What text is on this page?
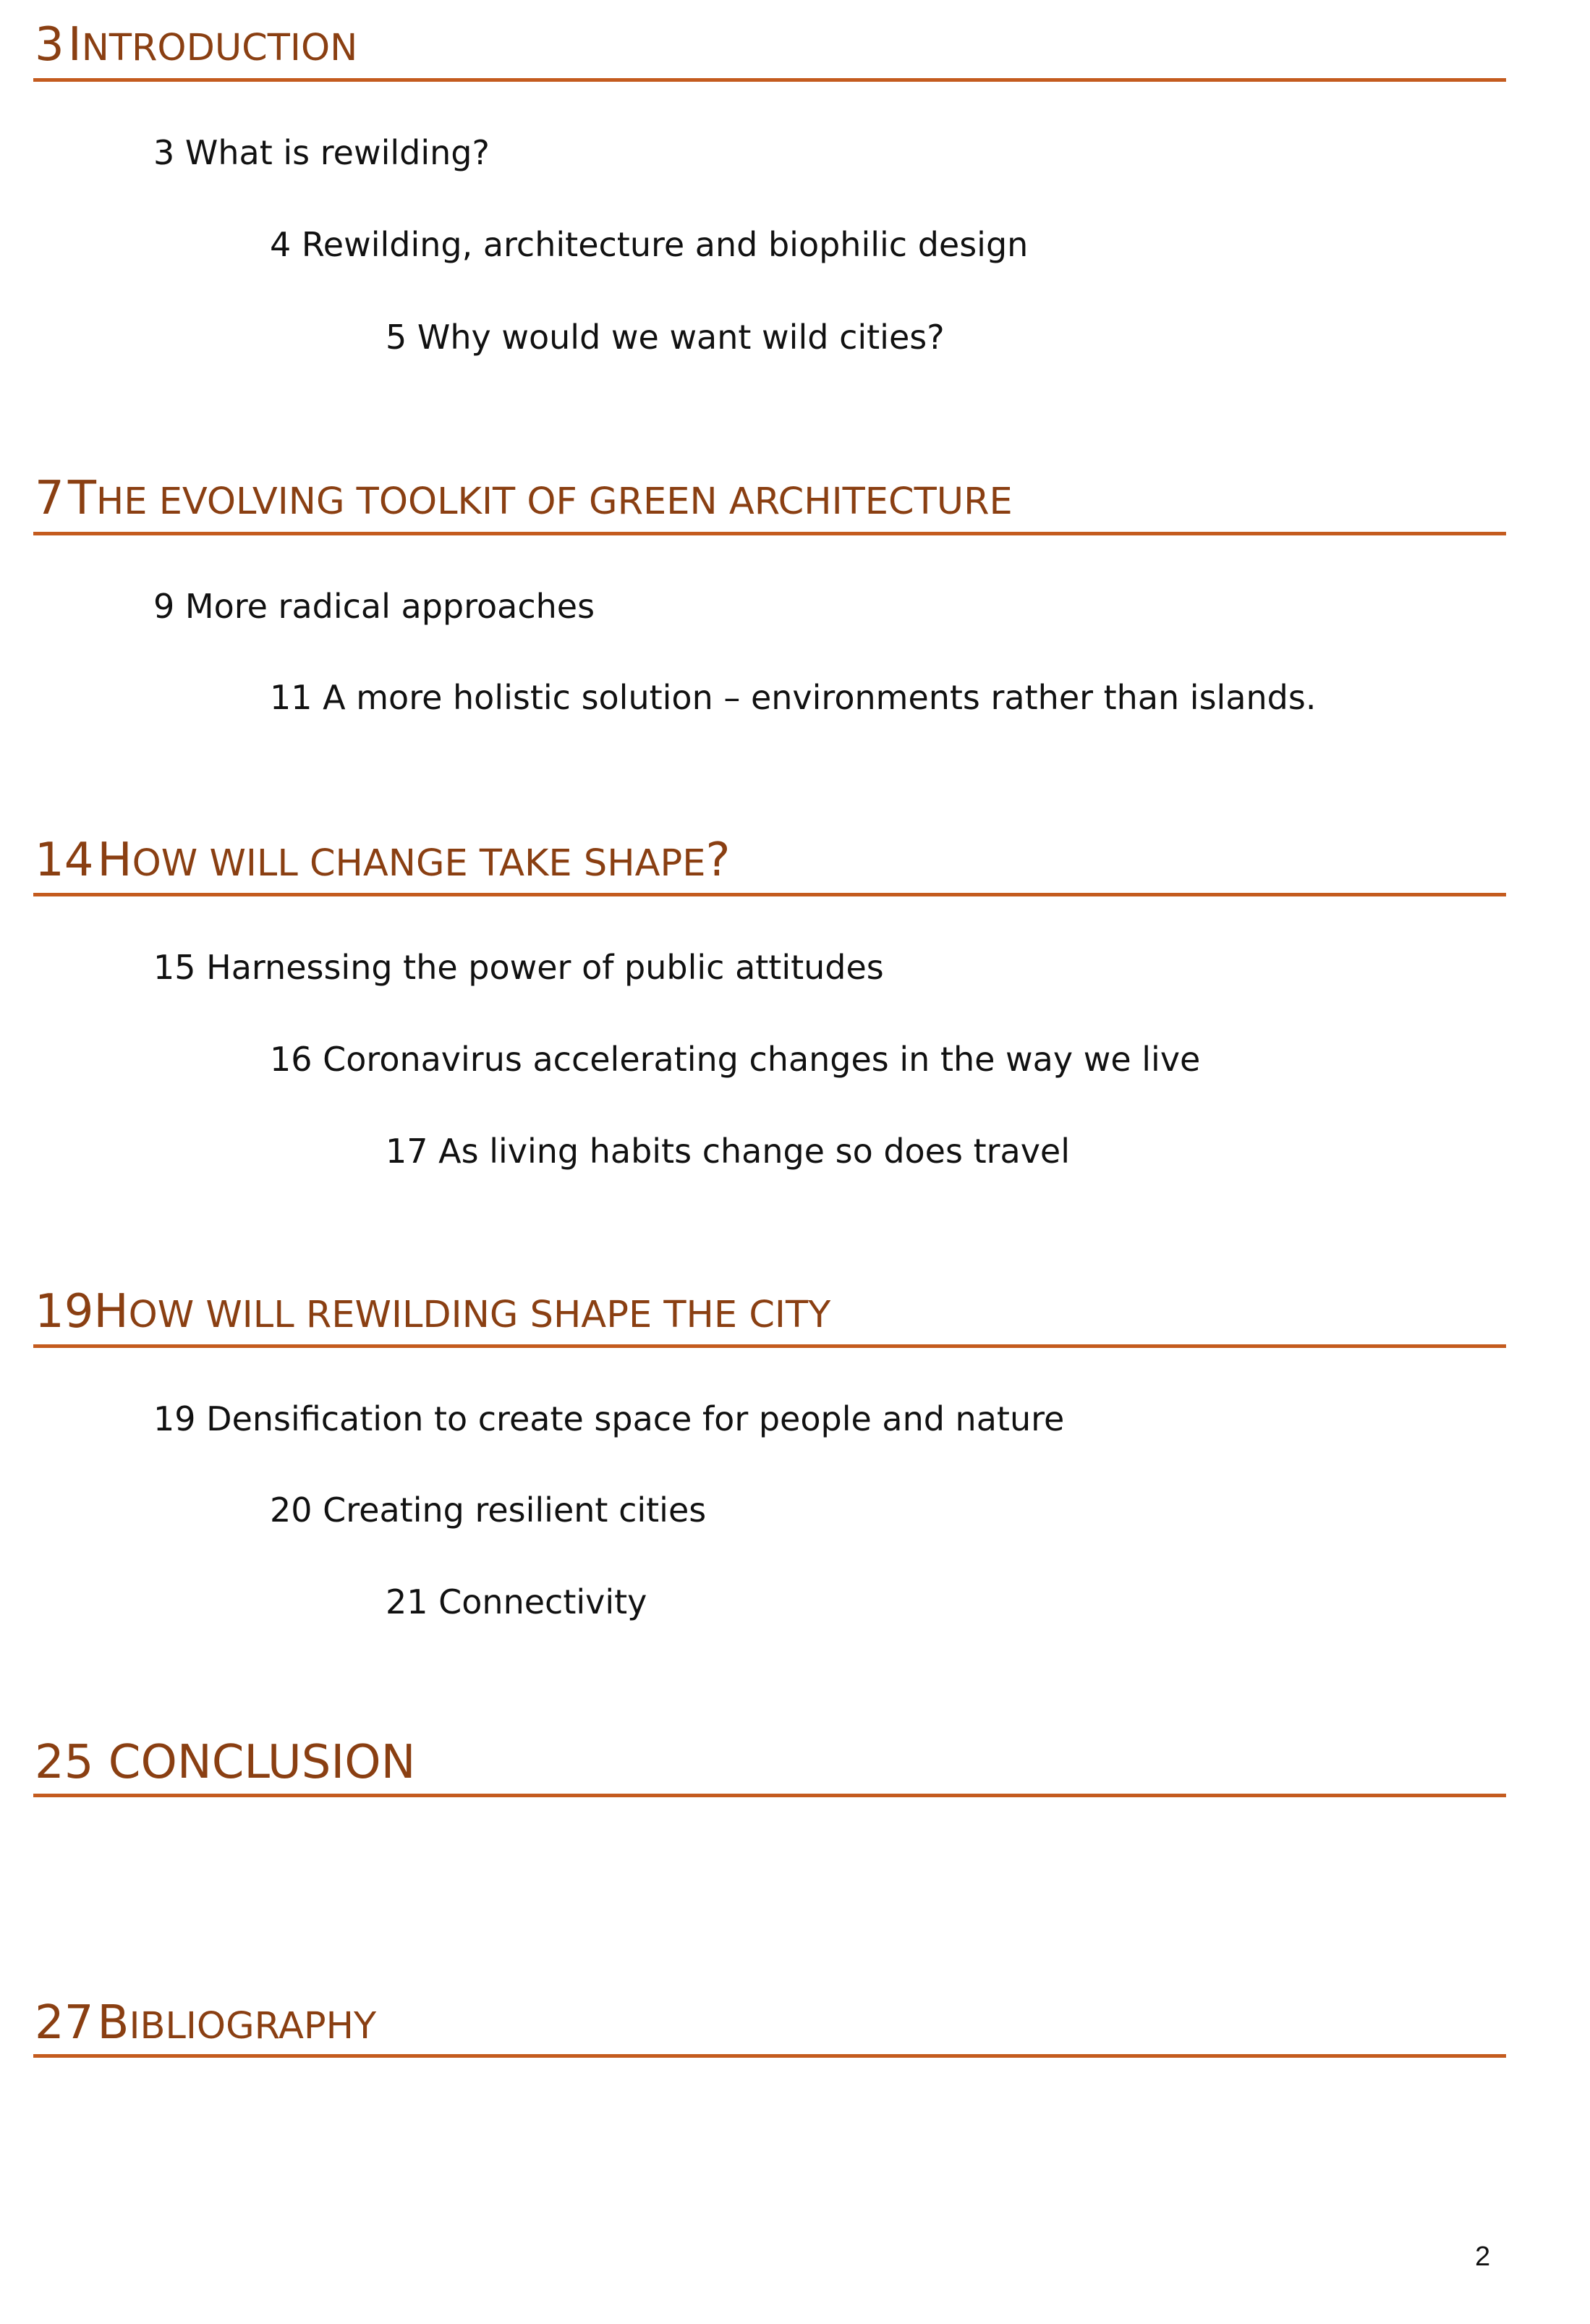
3 INTRODUCTION
3 What is rewilding?
4 Rewilding, architecture and biophilic design
5 Why would we want wild cities?
7 THE EVOLVING TOOLKIT OF GREEN ARCHITECTURE
9 More radical approaches
11 A more holistic solution – environments rather than islands.
14 HOW WILL CHANGE TAKE SHAPE?
15 Harnessing the power of public attitudes
16 Coronavirus accelerating changes in the way we live
17 As living habits change so does travel
19HOW WILL REWILDING SHAPE THE CITY
19 Densification to create space for people and nature
20 Creating resilient cities
21 Connectivity
25 CONCLUSION
27 BIBLIOGRAPHY
2
